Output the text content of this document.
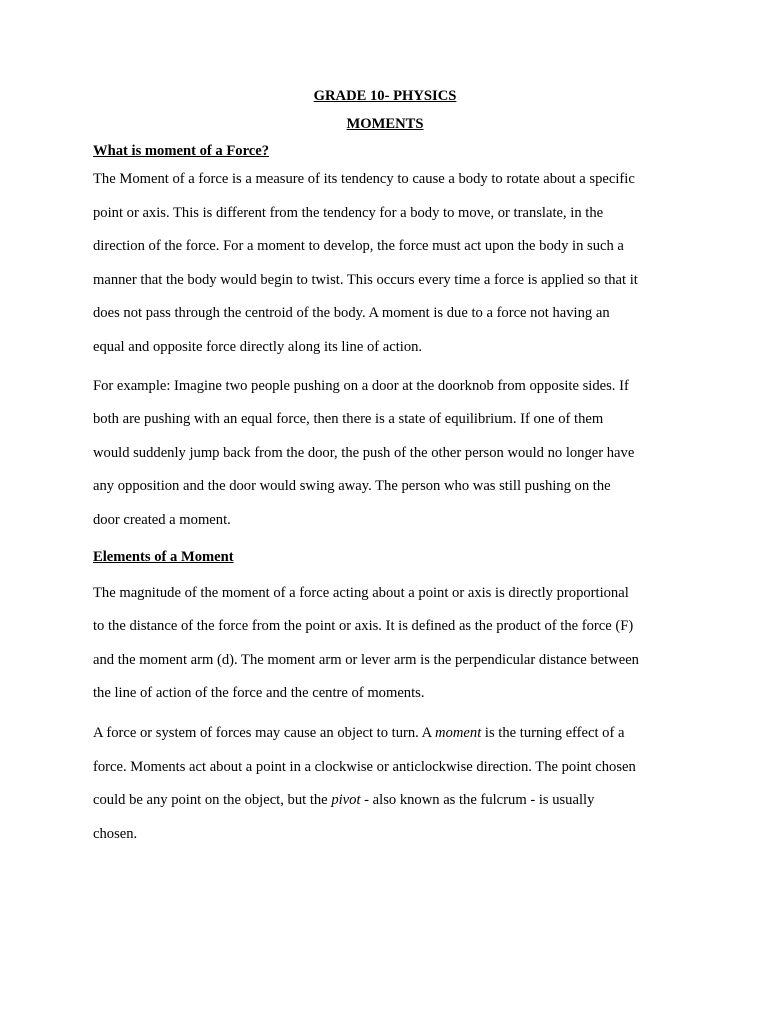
GRADE 10- PHYSICS

MOMENTS

What is moment of a Force?

The Moment of a force is a measure of its tendency to cause a body to rotate about a specific
point or axis. This is different from the tendency for a body to move, or translate, in the
direction of the force. For a moment to develop, the force must act upon the body in such a
manner that the body would begin to twist. This occurs every time a force is applied so that it
does not pass through the centroid of the body. A moment is due to a force not having an
equal and opposite force directly along its line of action.

For example: Imagine two people pushing on a door at the doorknob from opposite sides. If
both are pushing with an equal force, then there is a state of equilibrium. If one of them
would suddenly jump back from the door, the push of the other person would no longer have
any opposition and the door would swing away. The person who was still pushing on the
door created a moment.

Elements of a Moment

The magnitude of the moment of a force acting about a point or axis is directly proportional
to the distance of the force from the point or axis. It is defined as the product of the force (F)
and the moment arm (d). The moment arm or lever arm is the perpendicular distance between
the line of action of the force and the centre of moments.

A force or system of forces may cause an object to turn. A moment is the turning effect of a
force. Moments act about a point in a clockwise or anticlockwise direction. The point chosen
could be any point on the object, but the pivot - also known as the fulcrum - is usually
chosen.
